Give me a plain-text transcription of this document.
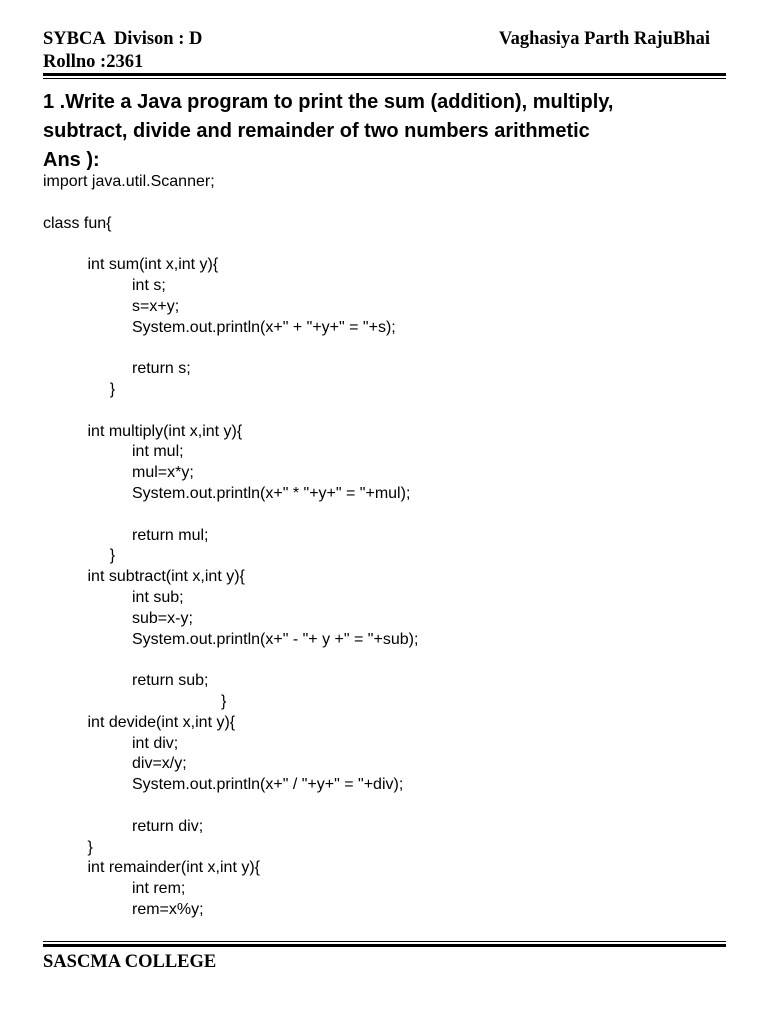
SYBCA  Divison : D
Rollno :2361
Vaghasiya Parth RajuBhai
1 .Write a Java program to print the sum (addition), multiply,
subtract, divide and remainder of two numbers arithmetic
Ans ):
import java.util.Scanner;
class fun{
int sum(int x,int y){
int s;
s=x+y;
System.out.println(x+" + "+y+" = "+s);
return s;
}
int multiply(int x,int y){
int mul;
mul=x*y;
System.out.println(x+" * "+y+" = "+mul);
return mul;
}
int subtract(int x,int y){
int sub;
sub=x-y;
System.out.println(x+" - "+ y +" = "+sub);
return sub;
}
int devide(int x,int y){
int div;
div=x/y;
System.out.println(x+" / "+y+" = "+div);
return div;
}
int remainder(int x,int y){
int rem;
rem=x%y;
SASCMA COLLEGE
